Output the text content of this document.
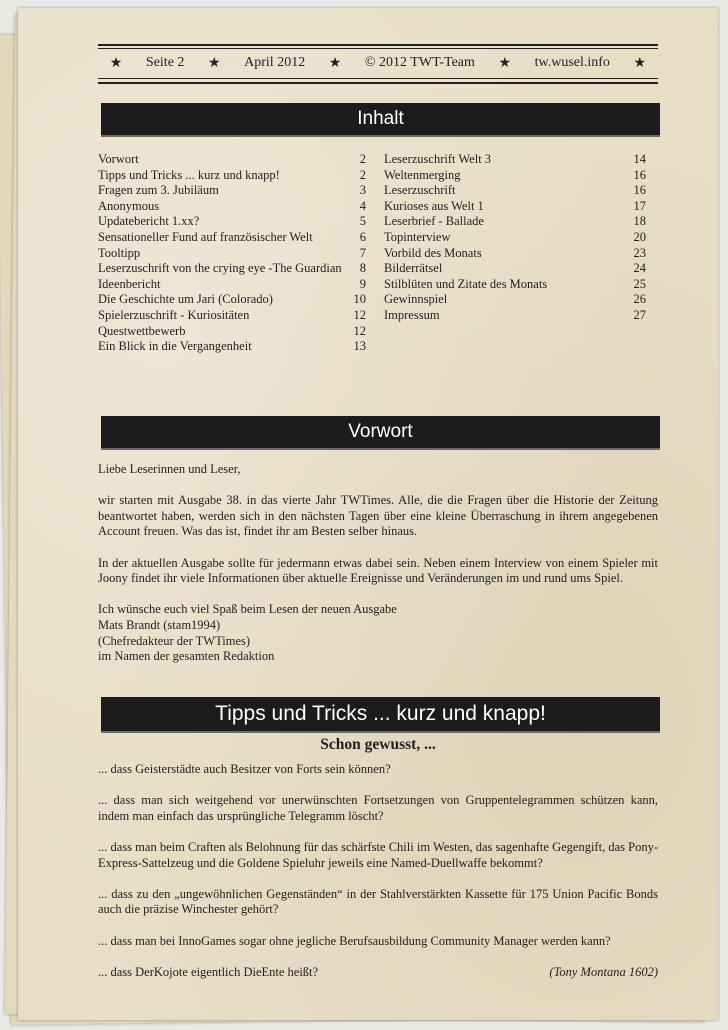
★ Seite 2 ★ April 2012 ★ © 2012 TWT-Team ★ tw.wusel.info ★
Inhalt
Vorwort	2
Tipps und Tricks ... kurz und knapp!	2
Fragen zum 3. Jubiläum	3
Anonymous	4
Updatebericht 1.xx?	5
Sensationeller Fund auf französischer Welt	6
Tooltipp	7
Leserzuschrift von the crying eye -The Guardian 8
Ideenbericht	9
Die Geschichte um Jari (Colorado)	10
Spielerzuschrift - Kuriositäten	12
Questwettbewerb	12
Ein Blick in die Vergangenheit	13
Leserzuschrift Welt 3	14
Weltenmerging	16
Leserzuschrift	16
Kurioses aus Welt 1	17
Leserbrief - Ballade	18
Topinterview	20
Vorbild des Monats	23
Bilderrätsel	24
Stilblüten und Zitate des Monats	25
Gewinnspiel	26
Impressum	27
Vorwort

Liebe Leserinnen und Leser,

wir starten mit Ausgabe 38. in das vierte Jahr TWTimes. Alle, die die Fragen über die Historie der Zeitung beantwortet haben, werden sich in den nächsten Tagen über eine kleine Überraschung in ihrem angegebenen Account freuen. Was das ist, findet ihr am Besten selber hinaus.

In der aktuellen Ausgabe sollte für jedermann etwas dabei sein. Neben einem Interview von einem Spieler mit Joony findet ihr viele Informationen über aktuelle Ereignisse und Veränderungen im und rund ums Spiel.

Ich wünsche euch viel Spaß beim Lesen der neuen Ausgabe
Mats Brandt (stam1994)
(Chefredakteur der TWTimes)
im Namen der gesamten Redaktion
Tipps und Tricks ... kurz und knapp!
Schon gewusst, ...

... dass Geisterstädte auch Besitzer von Forts sein können?

... dass man sich weitgehend vor unerwünschten Fortsetzungen von Gruppentelegrammen schützen kann, indem man einfach das ursprüngliche Telegramm löscht?

... dass man beim Craften als Belohnung für das schärfste Chili im Westen, das sagenhafte Gegengift, das Pony-Express-Sattelzeug und die Goldene Spieluhr jeweils eine Named-Duellwaffe bekommt?

... dass zu den „ungewöhnlichen Gegenständen“ in der Stahlverstärkten Kassette für 175 Union Pacific Bonds auch die präzise Winchester gehört?

... dass man bei InnoGames sogar ohne jegliche Berufsausbildung Community Manager werden kann?

... dass DerKojote eigentlich DieEnte heißt?	(Tony Montana 1602)
